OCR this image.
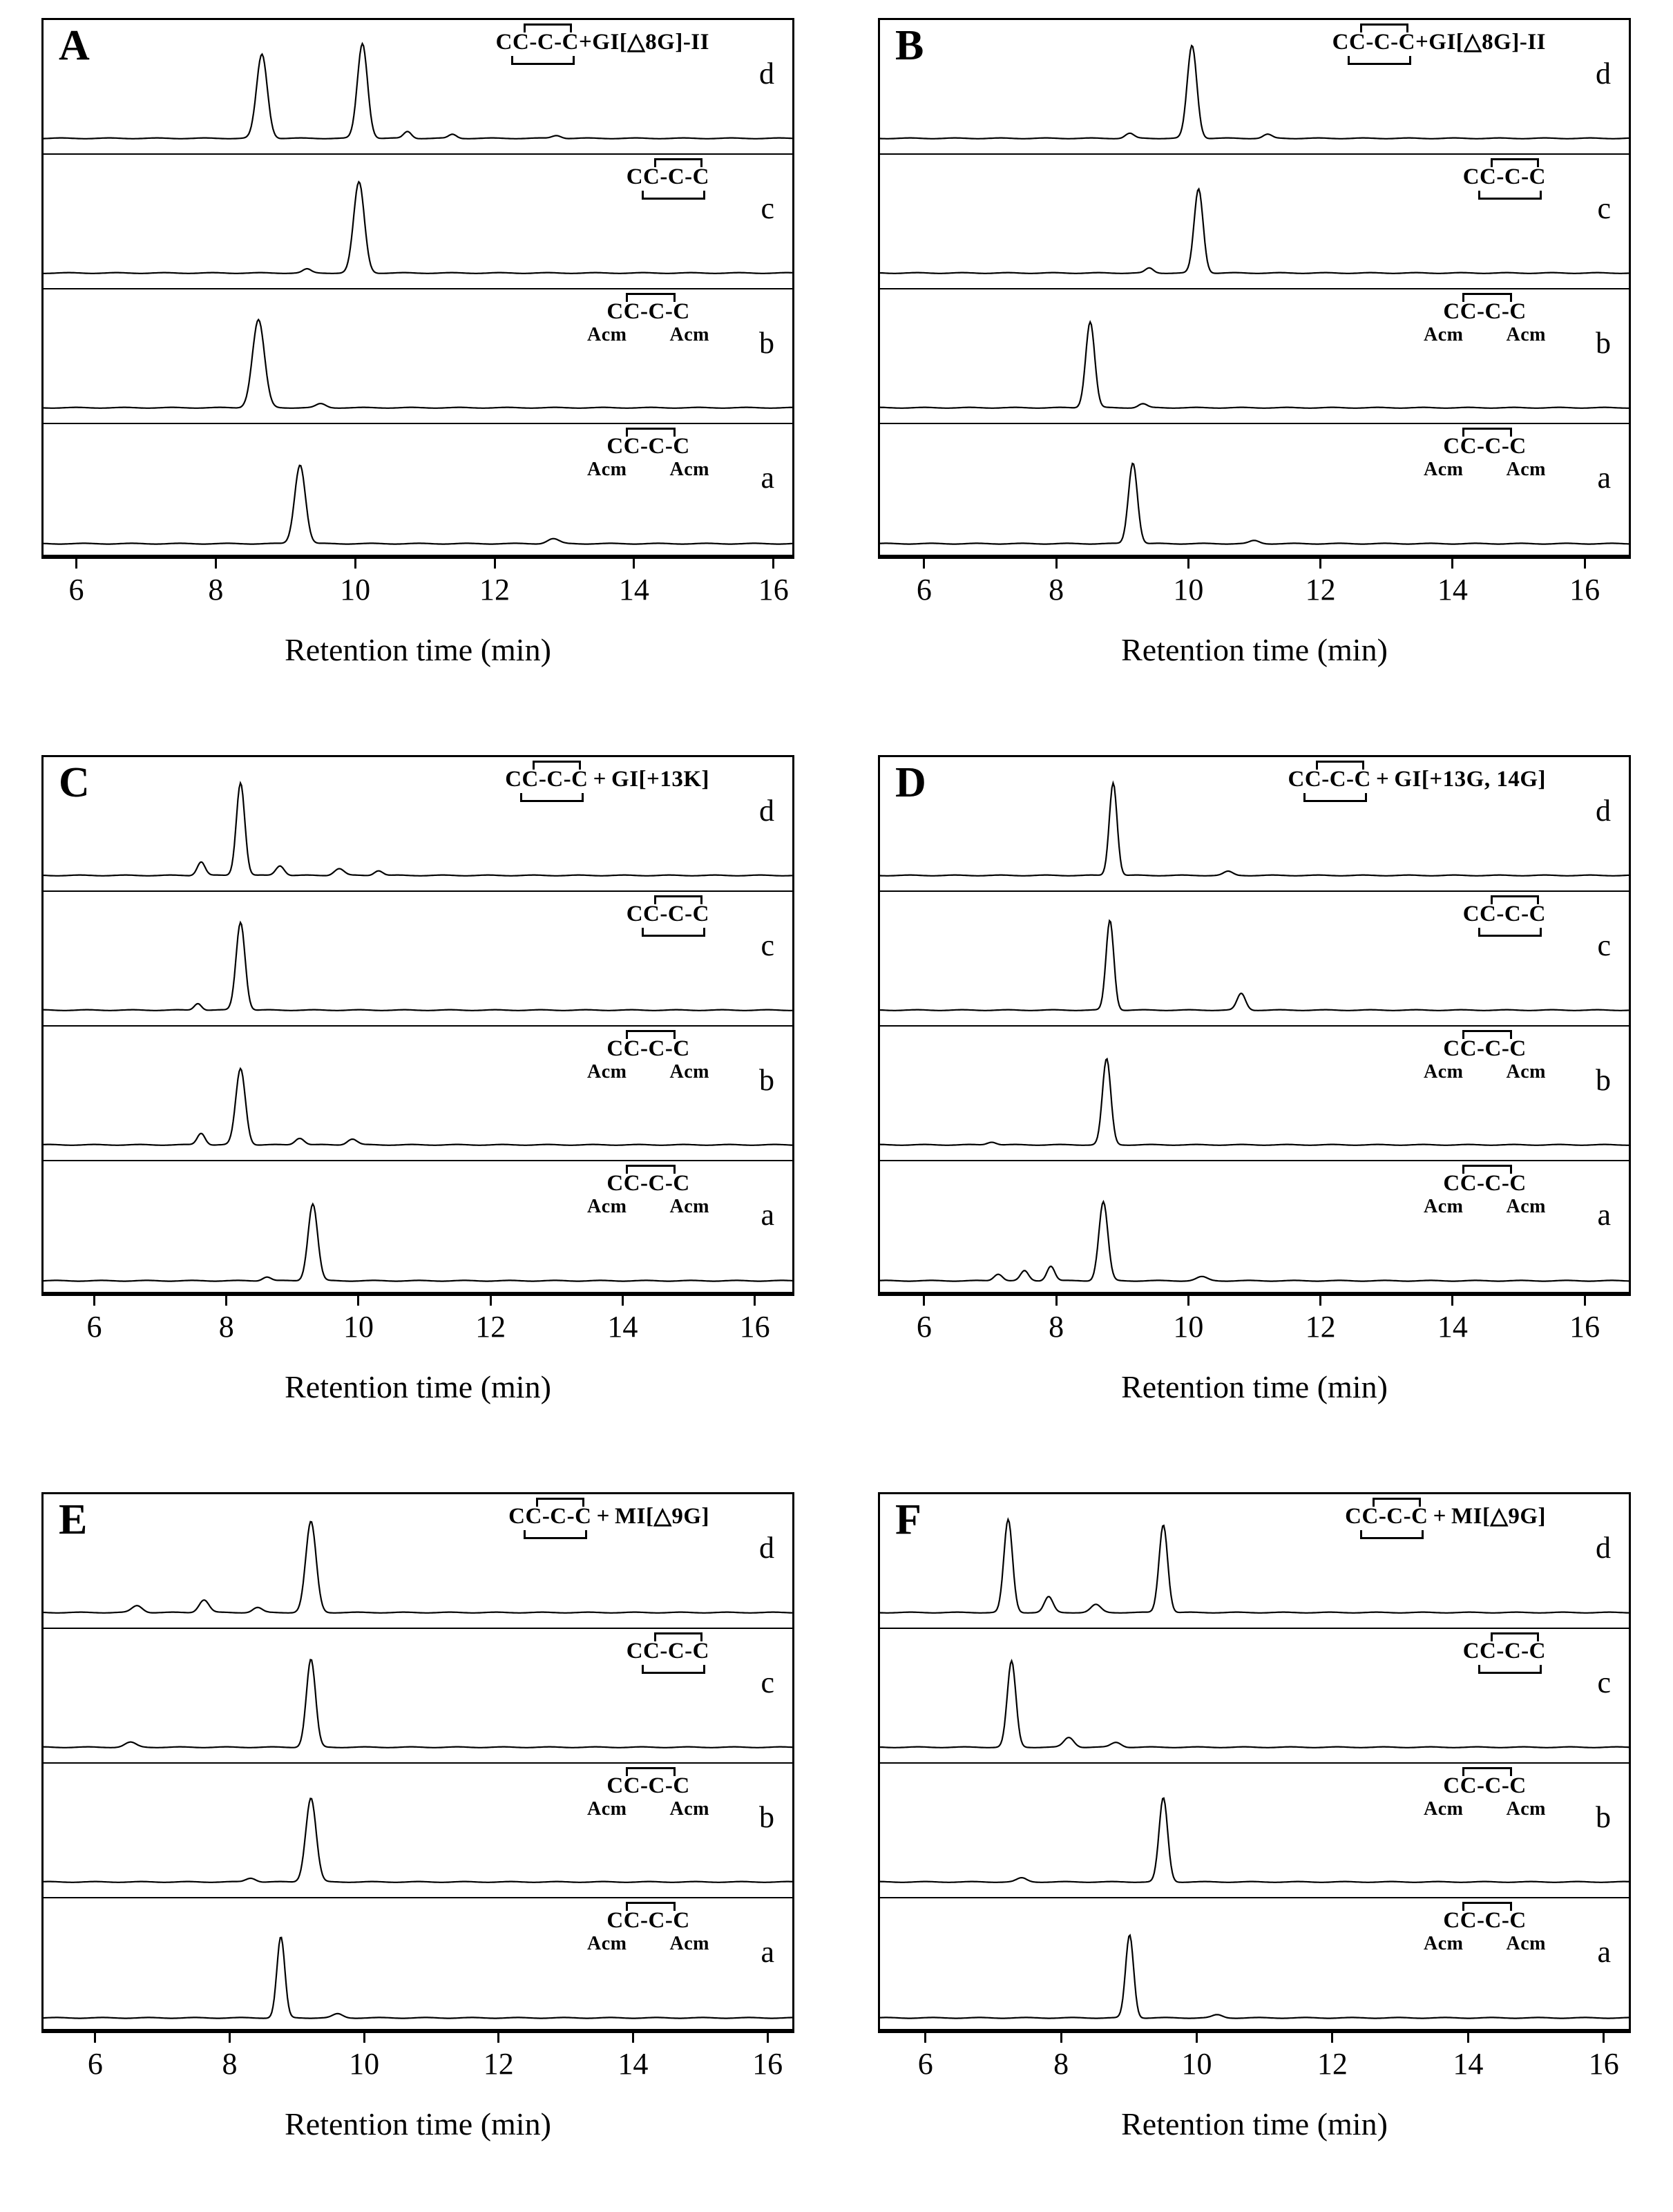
CC-C-C+GI[△8G]-II
d
CC-C-C
c
CC-C-C
Acm Acm b
CC-C-C
Acm Acm a
A
6	8	10	12	14	16
Retention time (min)
CC-C-C+GI[△8G]-II
d
CC-C-C
c
CC-C-C
Acm Acm b
CC-C-C
Acm Acm a
B
6	8	10	12	14	16
Retention time (min)
CC-C-C + GI[+13K]
d
CC-C-C
c
CC-C-C
Acm Acm b
CC-C-C
Acm Acm a
C
6	8	10	12	14	16
Retention time (min)
CC-C-C + GI[+13G, 14G]
d
CC-C-C
c
CC-C-C
Acm Acm b
CC-C-C
Acm Acm a
D
6	8	10	12	14	16
Retention time (min)
CC-C-C + MI[△9G]
d
CC-C-C
c
CC-C-C
Acm Acm b
CC-C-C
Acm Acm a
E
6	8	10	12	14	16
Retention time (min)
CC-C-C + MI[△9G]
d
CC-C-C
c
CC-C-C
Acm Acm b
CC-C-C
Acm Acm a
F
6	8	10	12	14	16
Retention time (min)
